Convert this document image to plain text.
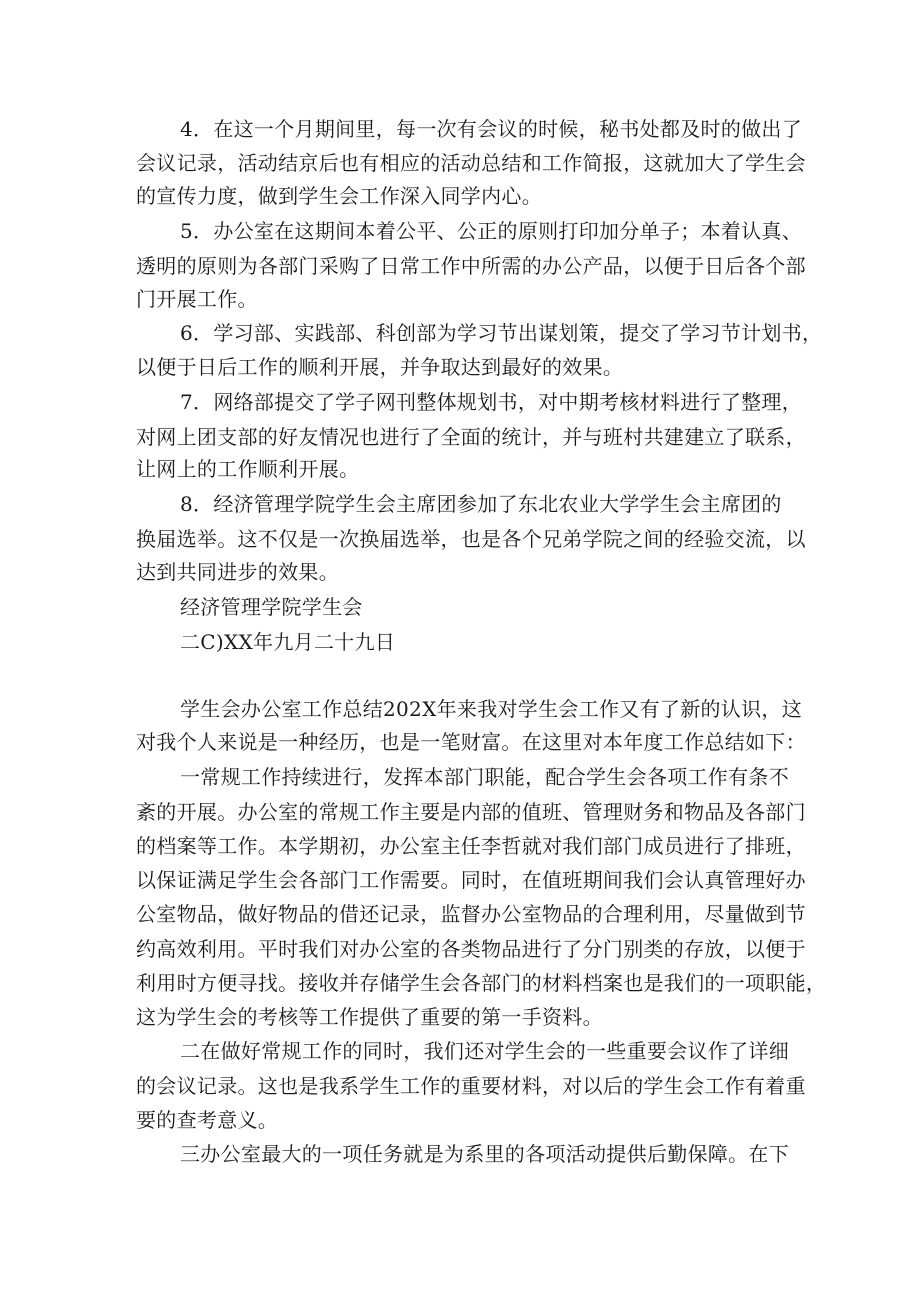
4．在这一个月期间里，每一次有会议的时候，秘书处都及时的做出了
会议记录，活动结京后也有相应的活动总结和工作简报，这就加大了学生会
的宣传力度，做到学生会工作深入同学内心。
5．办公室在这期间本着公平、公正的原则打印加分单子；本着认真、
透明的原则为各部门采购了日常工作中所需的办公产品，以便于日后各个部
门开展工作。
6．学习部、实践部、科创部为学习节出谋划策，提交了学习节计划书，
以便于日后工作的顺利开展，并争取达到最好的效果。
7．网络部提交了学子网刊整体规划书，对中期考核材料进行了整理，
对网上团支部的好友情况也进行了全面的统计，并与班村共建建立了联系，
让网上的工作顺利开展。
8．经济管理学院学生会主席团参加了东北农业大学学生会主席团的
换届选举。这不仅是一次换届选举，也是各个兄弟学院之间的经验交流，以
达到共同进步的效果。
经济管理学院学生会
二C)XX年九月二十九日
学生会办公室工作总结202X年来我对学生会工作又有了新的认识，这
对我个人来说是一种经历，也是一笔财富。在这里对本年度工作总结如下：
一常规工作持续进行，发挥本部门职能，配合学生会各项工作有条不
紊的开展。办公室的常规工作主要是内部的值班、管理财务和物品及各部门
的档案等工作。本学期初，办公室主任李哲就对我们部门成员进行了排班，
以保证满足学生会各部门工作需要。同时，在值班期间我们会认真管理好办
公室物品，做好物品的借还记录，监督办公室物品的合理利用，尽量做到节
约高效利用。平时我们对办公室的各类物品进行了分门别类的存放，以便于
利用时方便寻找。接收并存储学生会各部门的材料档案也是我们的一项职能，
这为学生会的考核等工作提供了重要的第一手资料。
二在做好常规工作的同时，我们还对学生会的一些重要会议作了详细
的会议记录。这也是我系学生工作的重要材料，对以后的学生会工作有着重
要的查考意义。
三办公室最大的一项任务就是为系里的各项活动提供后勤保障。在下
